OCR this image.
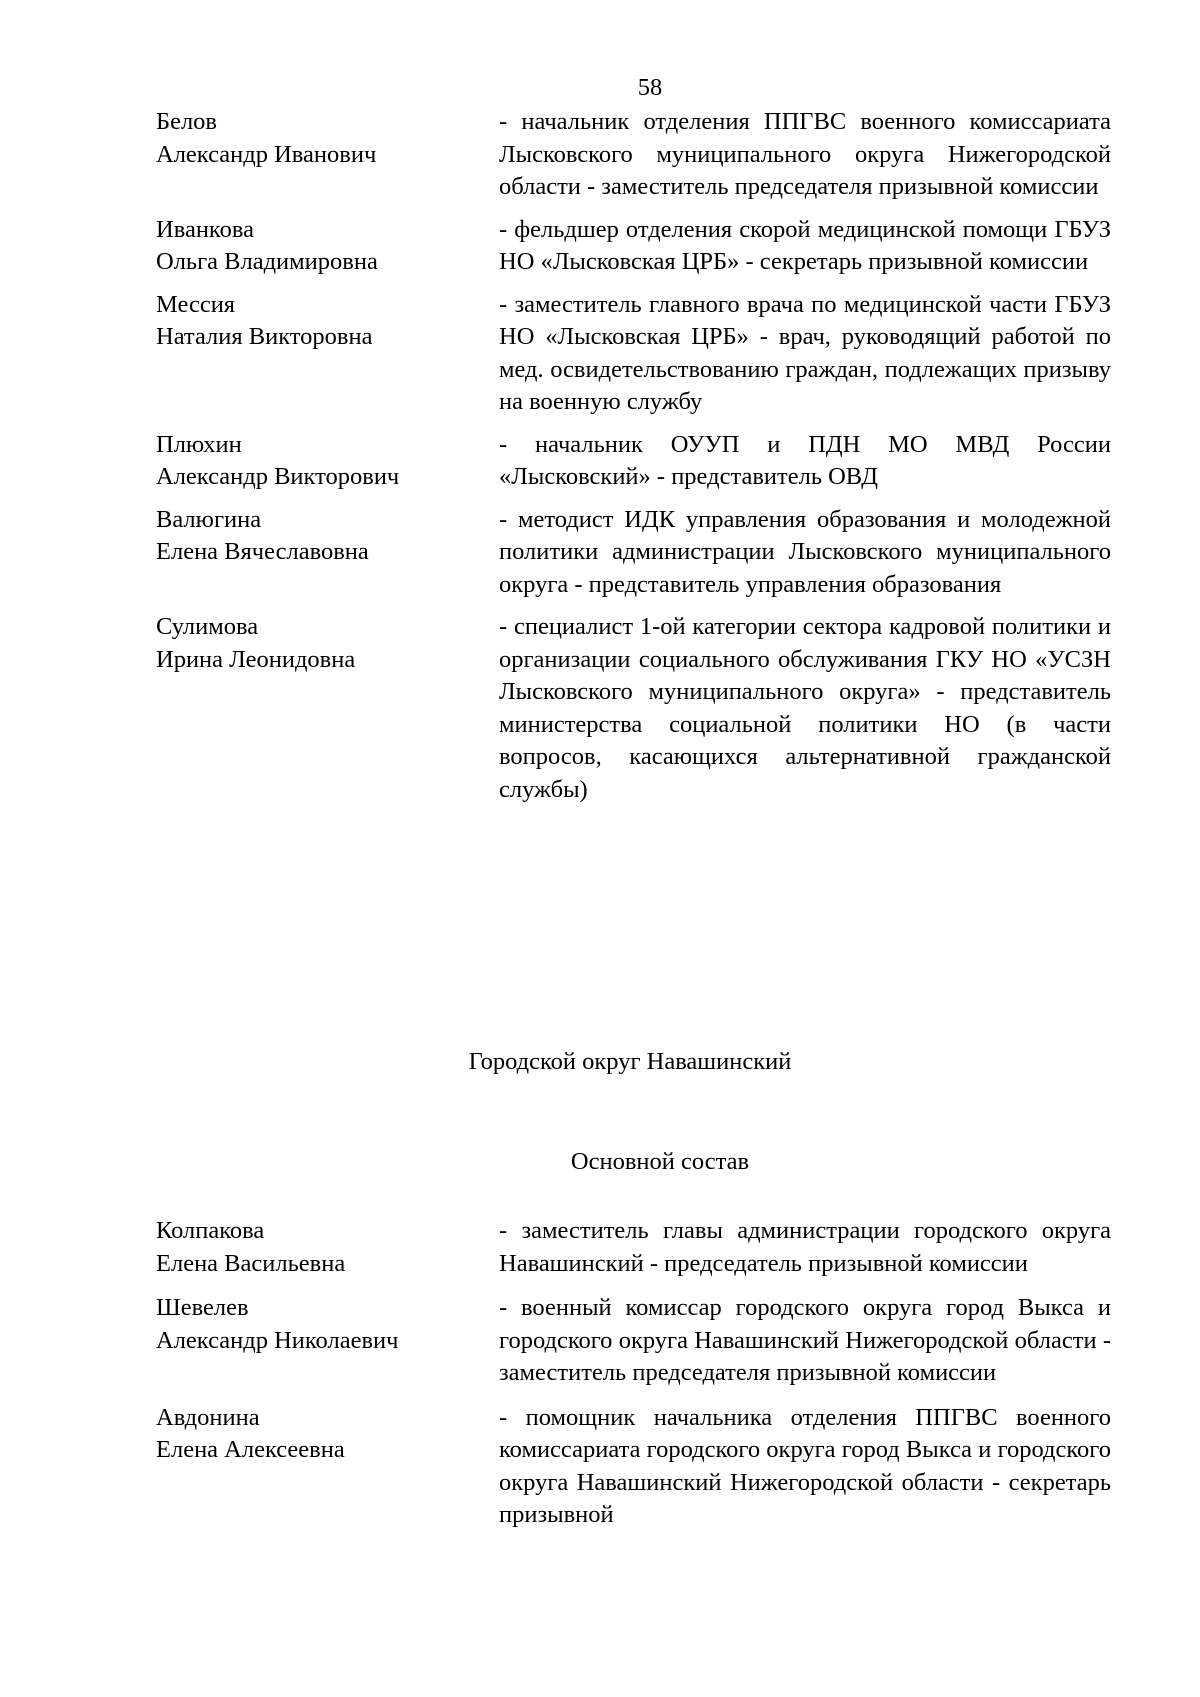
58
Белов
Александр Иванович
- начальник отделения ППГВС военного комиссариата Лысковского муниципального округа Нижегородской области - заместитель председателя призывной комиссии
Иванкова
Ольга Владимировна
- фельдшер отделения скорой медицинской помощи ГБУЗ НО «Лысковская ЦРБ» - секретарь призывной комиссии
Мессия
Наталия Викторовна
- заместитель главного врача по медицинской части ГБУЗ НО «Лысковская ЦРБ» - врач, руководящий работой по мед. освидетельствованию граждан, подлежащих призыву на военную службу
Плюхин
Александр Викторович
- начальник ОУУП и ПДН МО МВД России «Лысковский» - представитель ОВД
Валюгина
Елена Вячеславовна
- методист ИДК управления образования и молодежной политики администрации Лысковского муниципального округа - представитель управления образования
Сулимова
Ирина Леонидовна
- специалист 1-ой категории сектора кадровой политики и организации социального обслуживания ГКУ НО «УСЗН Лысковского муниципального округа» - представитель министерства социальной политики НО (в части вопросов, касающихся альтернативной гражданской службы)
Городской округ Навашинский
Основной состав
Колпакова
Елена Васильевна
- заместитель главы администрации городского округа Навашинский - председатель призывной комиссии
Шевелев
Александр Николаевич
- военный комиссар городского округа город Выкса и городского округа Навашинский Нижегородской области - заместитель председателя призывной комиссии
Авдонина
Елена Алексеевна
- помощник начальника отделения ППГВС военного комиссариата городского округа город Выкса и городского округа Навашинский Нижегородской области - секретарь призывной
